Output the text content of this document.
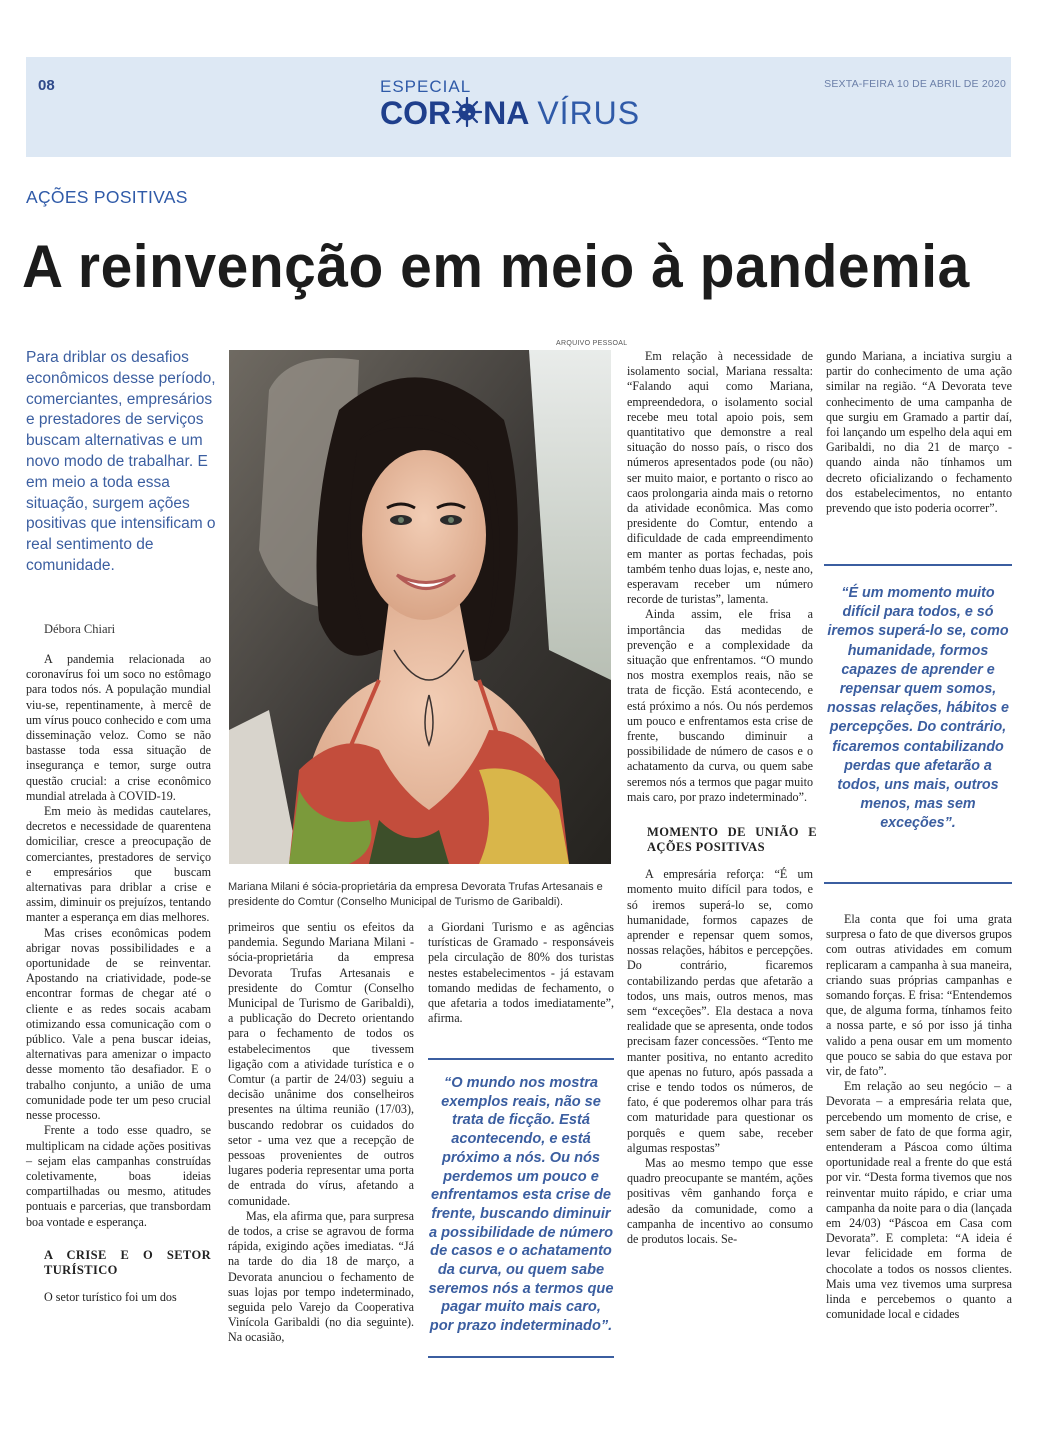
08	ESPECIAL
COR NA VÍRUS
SEXTA-FEIRA 10 DE ABRIL DE 2020
AÇÕES POSITIVAS
A reinvenção em meio à pandemia
Para driblar os desafios econômicos desse período, comerciantes, empresários e prestadores de serviços buscam alternativas e um novo modo de trabalhar. E em meio a toda essa situação, surgem ações positivas que intensificam o real sentimento de comunidade.
Débora Chiari

A pandemia relacionada ao coronavírus foi um soco no estômago para todos nós. A população mundial viu-se, repentinamente, à mercê de um vírus pouco conhecido e com uma disseminação veloz. Como se não bastasse toda essa situação de insegurança e temor, surge outra questão crucial: a crise econômico mundial atrelada à COVID-19.

Em meio às medidas cautelares, decretos e necessidade de quarentena domiciliar, cresce a preocupação de comerciantes, prestadores de serviço e empresários que buscam alternativas para driblar a crise e assim, diminuir os prejuízos, tentando manter a esperança em dias melhores.

Mas crises econômicas podem abrigar novas possibilidades e a oportunidade de se reinventar. Apostando na criatividade, pode-se encontrar formas de chegar até o cliente e as redes socais acabam otimizando essa comunicação com o público. Vale a pena buscar ideias, alternativas para amenizar o impacto desse momento tão desafiador. E o trabalho conjunto, a união de uma comunidade pode ter um peso crucial nesse processo.

Frente a todo esse quadro, se multiplicam na cidade ações positivas – sejam elas campanhas construídas coletivamente, boas ideias compartilhadas ou mesmo, atitudes pontuais e parcerias, que transbordam boa vontade e esperança.

A CRISE E O SETOR TURÍSTICO

O setor turístico foi um dos

ARQUIVO PESSOAL
Mariana Milani é sócia-proprietária da empresa Devorata Trufas Artesanais e presidente do Comtur (Conselho Municipal de Turismo de Garibaldi).

primeiros que sentiu os efeitos da pandemia. Segundo Mariana Milani - sócia-proprietária da empresa Devorata Trufas Artesanais e presidente do Comtur (Conselho Municipal de Turismo de Garibaldi), a publicação do Decreto orientando para o fechamento de todos os estabelecimentos que tivessem ligação com a atividade turística e o Comtur (a partir de 24/03) seguiu a decisão unânime dos conselheiros presentes na última reunião (17/03), buscando redobrar os cuidados do setor - uma vez que a recepção de pessoas provenientes de outros lugares poderia representar uma porta de entrada do vírus, afetando a comunidade.

Mas, ela afirma que, para surpresa de todos, a crise se agravou de forma rápida, exigindo ações imediatas. “Já na tarde do dia 18 de março, a Devorata anunciou o fechamento de suas lojas por tempo indeterminado, seguida pelo Varejo da Cooperativa Vinícola Garibaldi (no dia seguinte). Na ocasião,

a Giordani Turismo e as agências turísticas de Gramado - responsáveis pela circulação de 80% dos turistas nestes estabelecimentos - já estavam tomando medidas de fechamento, o que afetaria a todos imediatamente”, afirma.

“O mundo nos mostra exemplos reais, não se trata de ficção. Está acontecendo, e está próximo a nós. Ou nós perdemos um pouco e enfrentamos esta crise de frente, buscando diminuir a possibilidade de número de casos e o achatamento da curva, ou quem sabe seremos nós a termos que pagar muito mais caro, por prazo indeterminado”.

Em relação à necessidade de isolamento social, Mariana ressalta: “Falando aqui como Mariana, empreendedora, o isolamento social recebe meu total apoio pois, sem quantitativo que demonstre a real situação do nosso país, o risco dos números apresentados pode (ou não) ser muito maior, e portanto o risco ao caos prolongaria ainda mais o retorno da atividade econômica. Mas como presidente do Comtur, entendo a dificuldade de cada empreendimento em manter as portas fechadas, pois também tenho duas lojas, e, neste ano, esperavam receber um número recorde de turistas”, lamenta.

Ainda assim, ele frisa a importância das medidas de prevenção e a complexidade da situação que enfrentamos. “O mundo nos mostra exemplos reais, não se trata de ficção. Está acontecendo, e está próximo a nós. Ou nós perdemos um pouco e enfrentamos esta crise de frente, buscando diminuir a possibilidade de número de casos e o achatamento da curva, ou quem sabe seremos nós a termos que pagar muito mais caro, por prazo indeterminado”.

MOMENTO DE UNIÃO E AÇÕES POSITIVAS

A empresária reforça: “É um momento muito difícil para todos, e só iremos superá-lo se, como humanidade, formos capazes de aprender e repensar quem somos, nossas relações, hábitos e percepções. Do contrário, ficaremos contabilizando perdas que afetarão a todos, uns mais, outros menos, mas sem “exceções”. Ela destaca a nova realidade que se apresenta, onde todos precisam fazer concessões. “Tento me manter positiva, no entanto acredito que apenas no futuro, após passada a crise e tendo todos os números, de fato, é que poderemos olhar para trás com maturidade para questionar os porquês e quem sabe, receber algumas respostas”

Mas ao mesmo tempo que esse quadro preocupante se mantém, ações positivas vêm ganhando força e adesão da comunidade, como a campanha de incentivo ao consumo de produtos locais. Se-

gundo Mariana, a inciativa surgiu a partir do conhecimento de uma ação similar na região. “A Devorata teve conhecimento de uma campanha de que surgiu em Gramado a partir daí, foi lançando um espelho dela aqui em Garibaldi, no dia 21 de março - quando ainda não tínhamos um decreto oficializando o fechamento dos estabelecimentos, no entanto prevendo que isto poderia ocorrer”.

“É um momento muito difícil para todos, e só iremos superá-lo se, como humanidade, formos capazes de aprender e repensar quem somos, nossas relações, hábitos e percepções. Do contrário, ficaremos contabilizando perdas que afetarão a todos, uns mais, outros menos, mas sem exceções”.

Ela conta que foi uma grata surpresa o fato de que diversos grupos com outras atividades em comum replicaram a campanha à sua maneira, criando suas próprias campanhas e somando forças. E frisa: “Entendemos que, de alguma forma, tínhamos feito a nossa parte, e só por isso já tinha valido a pena ousar em um momento que pouco se sabia do que estava por vir, de fato”.

Em relação ao seu negócio – a Devorata – a empresária relata que, percebendo um momento de crise, e sem saber de fato de que forma agir, entenderam a Páscoa como última oportunidade real a frente do que está por vir. “Desta forma tivemos que nos reinventar muito rápido, e criar uma campanha da noite para o dia (lançada em 24/03) “Páscoa em Casa com Devorata”. E completa: “A ideia é levar felicidade em forma de chocolate a todos os nossos clientes. Mais uma vez tivemos uma surpresa linda e percebemos o quanto a comunidade local e cidades
